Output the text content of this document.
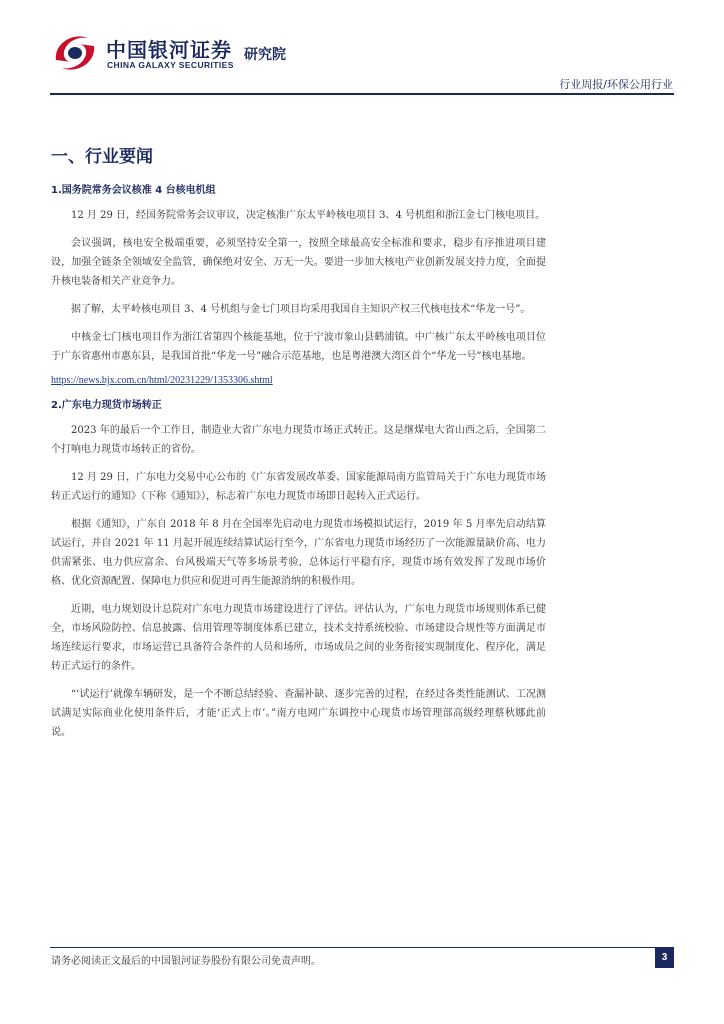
中国银河证券
CHINA GALAXY SECURITIES
研究院
行业周报/环保公用行业
一、行业要闻
1.国务院常务会议核准 4 台核电机组

12 月 29 日，经国务院常务会议审议，决定核准广东太平岭核电项目 3、4 号机组和浙江金七门核电项目。

会议强调，核电安全极端重要，必须坚持安全第一，按照全球最高安全标准和要求，稳步有序推进项目建设，加强全链条全领域安全监管，确保绝对安全、万无一失。要进一步加大核电产业创新发展支持力度，全面提升核电装备相关产业竞争力。

据了解，太平岭核电项目 3、4 号机组与金七门项目均采用我国自主知识产权三代核电技术“华龙一号”。

中核金七门核电项目作为浙江省第四个核能基地，位于宁波市象山县鹤浦镇。中广核广东太平岭核电项目位于广东省惠州市惠东县，是我国首批“华龙一号”融合示范基地，也是粤港澳大湾区首个“华龙一号”核电基地。

https://news.bjx.com.cn/html/20231229/1353306.shtml
2.广东电力现货市场转正

2023 年的最后一个工作日，制造业大省广东电力现货市场正式转正。这是继煤电大省山西之后，全国第二个打响电力现货市场转正的省份。

12 月 29 日，广东电力交易中心公布的《广东省发展改革委、国家能源局南方监管局关于广东电力现货市场转正式运行的通知》（下称《通知》），标志着广东电力现货市场即日起转入正式运行。

根据《通知》，广东自 2018 年 8 月在全国率先启动电力现货市场模拟试运行，2019 年 5 月率先启动结算试运行，并自 2021 年 11 月起开展连续结算试运行至今，广东省电力现货市场经历了一次能源量缺价高、电力供需紧张、电力供应富余、台风极端天气等多场景考验，总体运行平稳有序，现货市场有效发挥了发现市场价格、优化资源配置、保障电力供应和促进可再生能源消纳的积极作用。

近期，电力规划设计总院对广东电力现货市场建设进行了评估。评估认为，广东电力现货市场规则体系已健全，市场风险防控、信息披露、信用管理等制度体系已建立，技术支持系统校验、市场建设合规性等方面满足市场连续运行要求，市场运营已具备符合条件的人员和场所，市场成员之间的业务衔接实现制度化、程序化，满足转正式运行的条件。

“‘试运行’就像车辆研发，是一个不断总结经验、查漏补缺、逐步完善的过程，在经过各类性能测试、工况测试满足实际商业化使用条件后，才能‘正式上市’。”南方电网广东调控中心现货市场管理部高级经理蔡秋娜此前说。

请务必阅读正文最后的中国银河证券股份有限公司免责声明。	3
